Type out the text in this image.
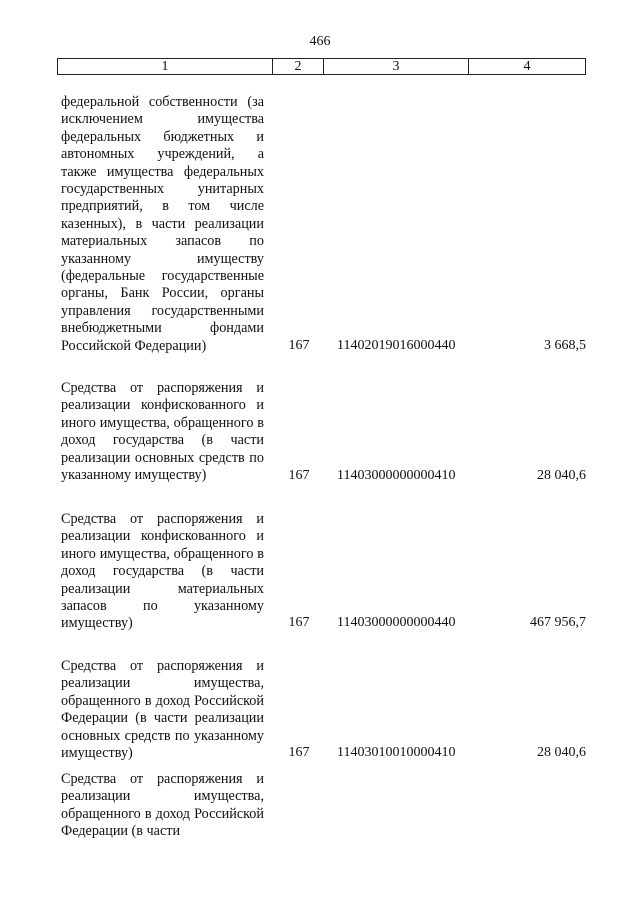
466
1	2	3	4
федеральной собственности (за исключением имущества федеральных бюджетных и автономных учреждений, а также имущества федеральных государственных унитарных предприятий, в том числе казенных), в части реализации материальных запасов по указанному имуществу (федеральные государственные органы, Банк России, органы управления государственными внебюджетными фондами Российской Федерации)	167 11402019016000440	3 668,5
Средства от распоряжения и реализации конфискованного и иного имущества, обращенного в доход государства (в части реализации основных средств по указанному имуществу)	167 11403000000000410	28 040,6
Средства от распоряжения и реализации конфискованного и иного имущества, обращенного в доход государства (в части реализации материальных запасов по указанному имуществу)	167 11403000000000440	467 956,7
Средства от распоряжения и реализации имущества, обращенного в доход Российской Федерации (в части реализации основных средств по указанному имуществу)	167 11403010010000410	28 040,6
Средства от распоряжения и реализации имущества, обращенного в доход Российской Федерации (в части
